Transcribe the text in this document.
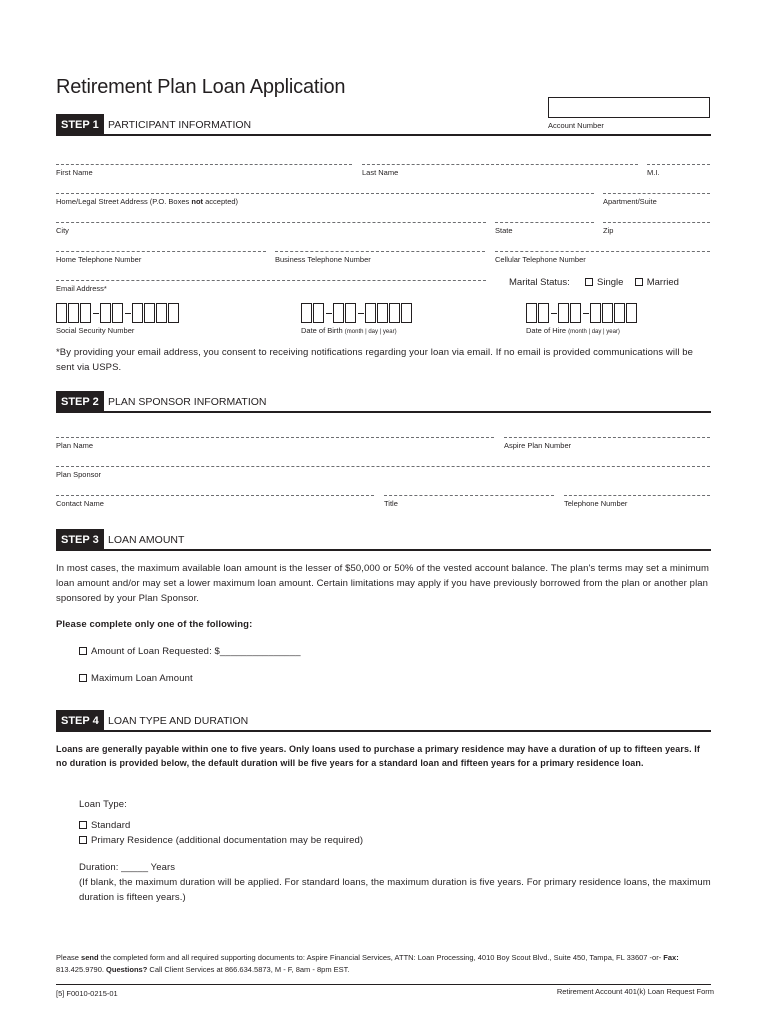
Retirement Plan Loan Application
Account Number
STEP 1 PARTICIPANT INFORMATION
First Name	Last Name	M.I.
Home/Legal Street Address (P.O. Boxes not accepted)	Apartment/Suite
City	State	Zip
Home Telephone Number	Business Telephone Number	Cellular Telephone Number
Email Address*
Marital Status:	Single Married
Social Security Number	Date of Birth (month | day | year)	Date of Hire (month | day | year)
*By providing your email address, you consent to receiving notifications regarding your loan via email. If no email is provided communications will be sent via USPS.
STEP 2 PLAN SPONSOR INFORMATION
Plan Name	Aspire Plan Number
Plan Sponsor
Contact Name	Title	Telephone Number
STEP 3 LOAN AMOUNT
In most cases, the maximum available loan amount is the lesser of $50,000 or 50% of the vested account balance. The plan's terms may set a minimum loan amount and/or may set a lower maximum loan amount. Certain limitations may apply if you have previously borrowed from the plan or another plan sponsored by your Plan Sponsor.
Please complete only one of the following:
Amount of Loan Requested: $_______________
Maximum Loan Amount
STEP 4 LOAN TYPE AND DURATION
Loans are generally payable within one to five years. Only loans used to purchase a primary residence may have a duration of up to fifteen years. If no duration is provided below, the default duration will be five years for a standard loan and fifteen years for a primary residence loan.
Loan Type:
Standard
Primary Residence (additional documentation may be required)
Duration: _____ Years
(If blank, the maximum duration will be applied. For standard loans, the maximum duration is five years. For primary residence loans, the maximum duration is fifteen years.)
Please send the completed form and all required supporting documents to: Aspire Financial Services, ATTN: Loan Processing, 4010 Boy Scout Blvd., Suite 450, Tampa, FL 33607 -or- Fax: 813.425.9790. Questions? Call Client Services at 866.634.5873, M - F, 8am - 8pm EST.
[5] F0010-0215-01	Retirement Account 401(k) Loan Request Form
